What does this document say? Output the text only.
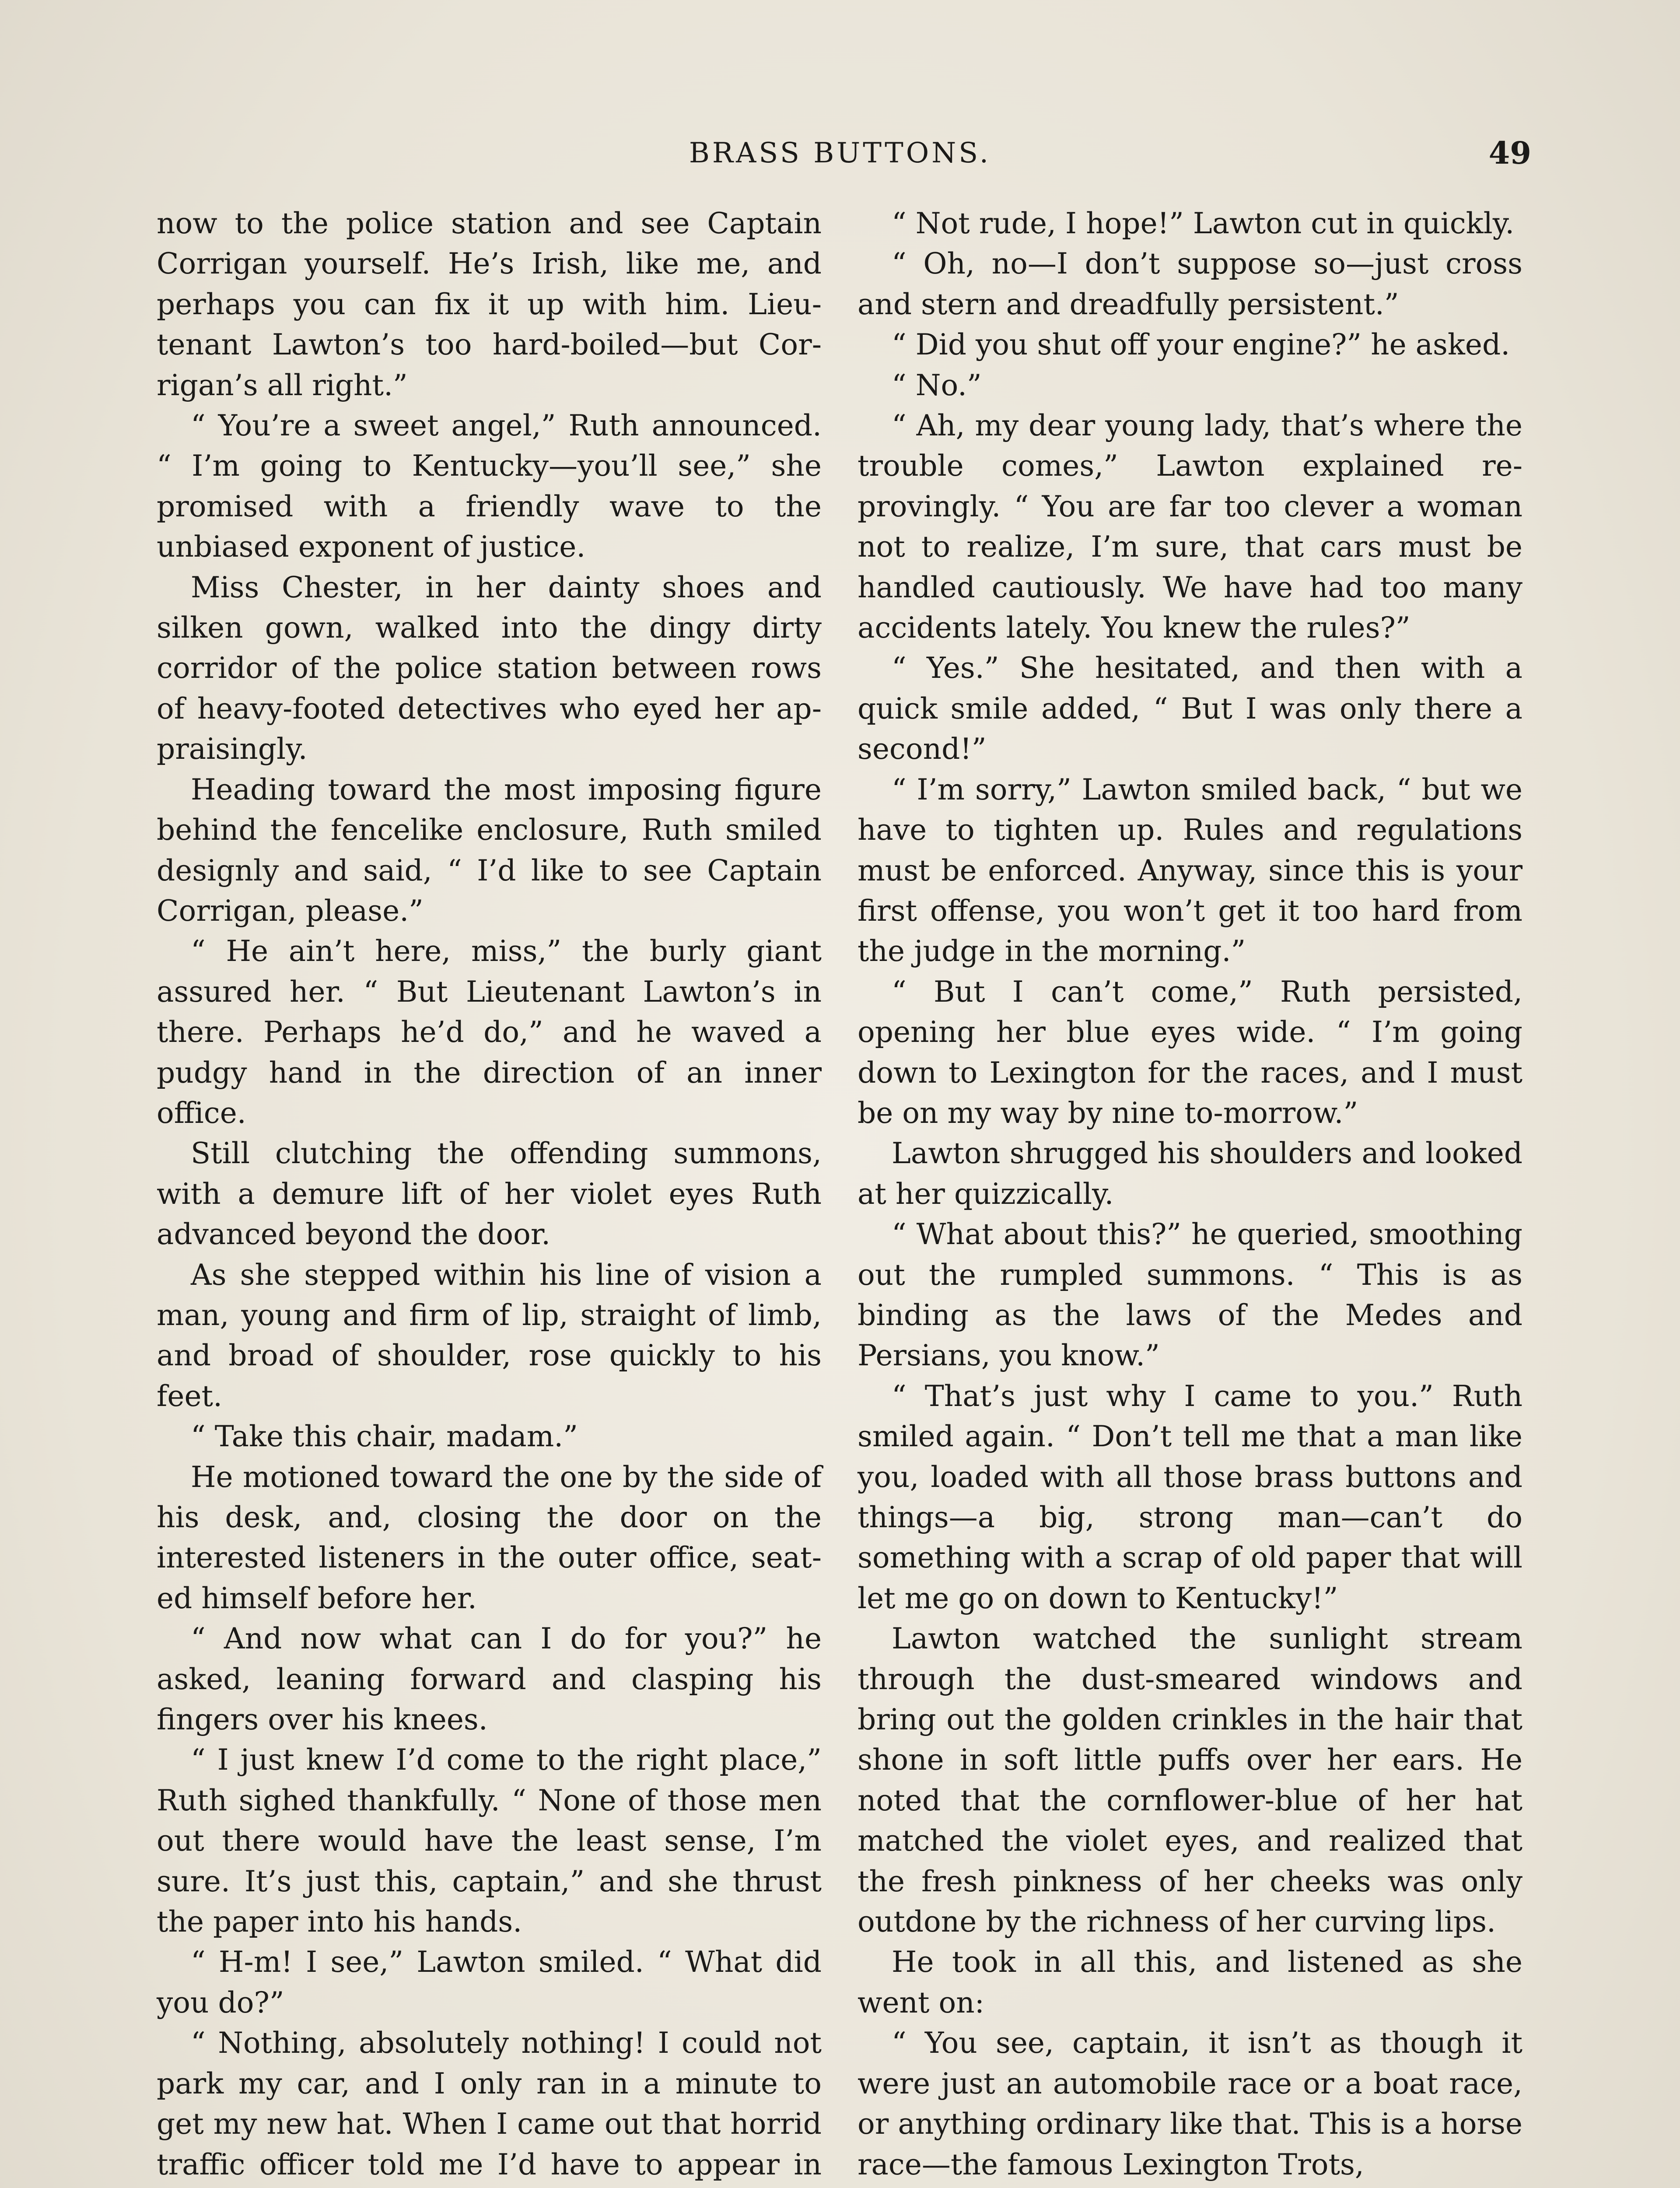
BRASS BUTTONS.	49

now to the police station and see Captain Corrigan yourself. He’s Irish, like me, and perhaps you can fix it up with him. Lieutenant Lawton’s too hard-boiled—but Corrigan’s all right.”

“ You’re a sweet angel,” Ruth announced. “ I’m going to Kentucky—you’ll see,” she promised with a friendly wave to the unbiased exponent of justice.

Miss Chester, in her dainty shoes and silken gown, walked into the dingy dirty corridor of the police station between rows of heavy-footed detectives who eyed her appraisingly.

Heading toward the most imposing figure behind the fencelike enclosure, Ruth smiled designly and said, “ I’d like to see Captain Corrigan, please.”

“ He ain’t here, miss,” the burly giant assured her. “ But Lieutenant Lawton’s in there. Perhaps he’d do,” and he waved a pudgy hand in the direction of an inner office.

Still clutching the offending summons, with a demure lift of her violet eyes Ruth advanced beyond the door.

As she stepped within his line of vision a man, young and firm of lip, straight of limb, and broad of shoulder, rose quickly to his feet.

“ Take this chair, madam.”

He motioned toward the one by the side of his desk, and, closing the door on the interested listeners in the outer office, seated himself before her.

“ And now what can I do for you?” he asked, leaning forward and clasping his fingers over his knees.

“ I just knew I’d come to the right place,” Ruth sighed thankfully. “ None of those men out there would have the least sense, I’m sure. It’s just this, captain,” and she thrust the paper into his hands.

“ H-m! I see,” Lawton smiled. “ What did you do?”

“ Nothing, absolutely nothing! I could not park my car, and I only ran in a minute to get my new hat. When I came out that horrid traffic officer told me I’d have to appear in

“ Not rude, I hope!” Lawton cut in quickly.

“ Oh, no—I don’t suppose so—just cross and stern and dreadfully persistent.”

“ Did you shut off your engine?” he asked.

“ No.”

“ Ah, my dear young lady, that’s where the trouble comes,” Lawton explained reprovingly. “ You are far too clever a woman not to realize, I’m sure, that cars must be handled cautiously. We have had too many accidents lately. You knew the rules?”

“ Yes.” She hesitated, and then with a quick smile added, “ But I was only there a second!”

“ I’m sorry,” Lawton smiled back, “ but we have to tighten up. Rules and regulations must be enforced. Anyway, since this is your first offense, you won’t get it too hard from the judge in the morning.”

“ But I can’t come,” Ruth persisted, opening her blue eyes wide. “ I’m going down to Lexington for the races, and I must be on my way by nine to-morrow.”

Lawton shrugged his shoulders and looked at her quizzically.

“ What about this?” he queried, smoothing out the rumpled summons. “ This is as binding as the laws of the Medes and Persians, you know.”

“ That’s just why I came to you.” Ruth smiled again. “ Don’t tell me that a man like you, loaded with all those brass buttons and things—a big, strong man—can’t do something with a scrap of old paper that will let me go on down to Kentucky!”

Lawton watched the sunlight stream through the dust-smeared windows and bring out the golden crinkles in the hair that shone in soft little puffs over her ears. He noted that the cornflower-blue of her hat matched the violet eyes, and realized that the fresh pinkness of her cheeks was only outdone by the richness of her curving lips.

He took in all this, and listened as she went on:

“ You see, captain, it isn’t as though it were just an automobile race or a boat race, or anything ordinary like that. This is a horse race—the famous Lexington Trots,
